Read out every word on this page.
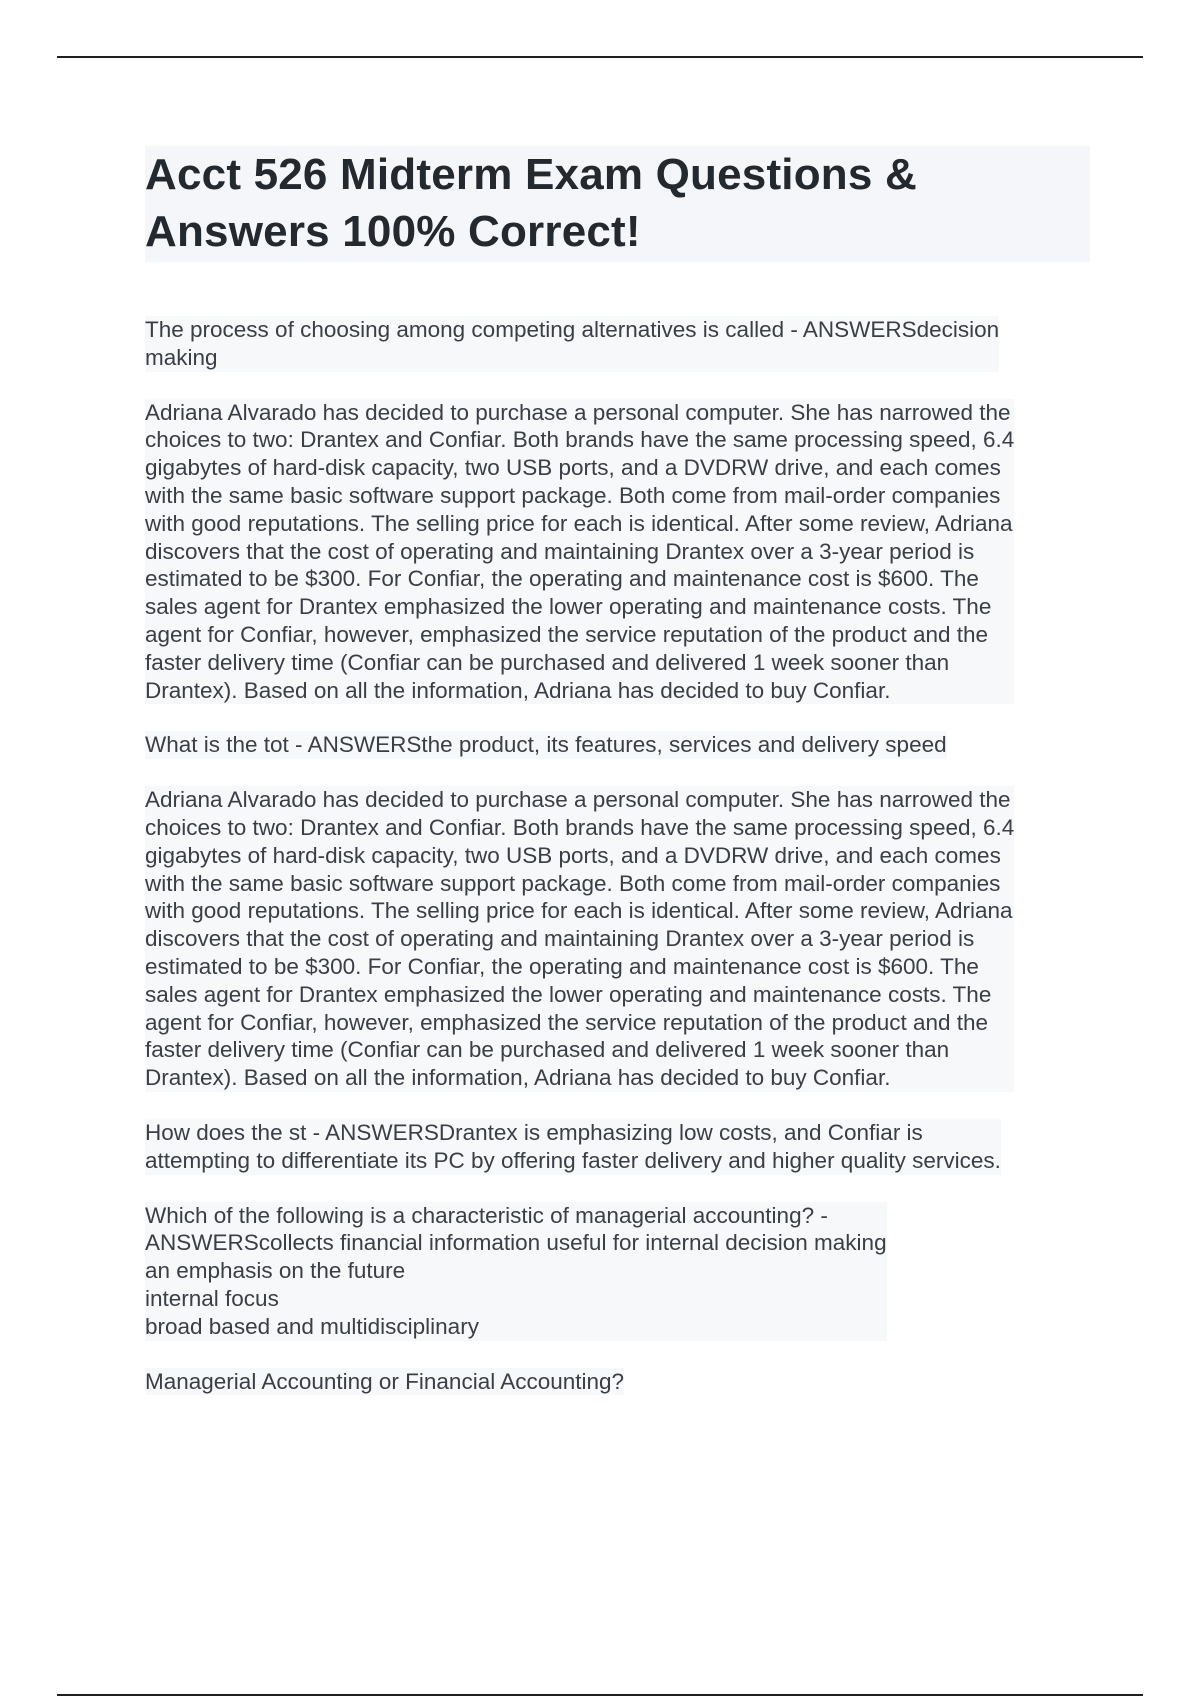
Acct 526 Midterm Exam Questions & Answers 100% Correct!
The process of choosing among competing alternatives is called - ANSWERSdecision
making
Adriana Alvarado has decided to purchase a personal computer. She has narrowed the
choices to two: Drantex and Confiar. Both brands have the same processing speed, 6.4
gigabytes of hard-disk capacity, two USB ports, and a DVDRW drive, and each comes
with the same basic software support package. Both come from mail-order companies
with good reputations. The selling price for each is identical. After some review, Adriana
discovers that the cost of operating and maintaining Drantex over a 3-year period is
estimated to be $300. For Confiar, the operating and maintenance cost is $600. The
sales agent for Drantex emphasized the lower operating and maintenance costs. The
agent for Confiar, however, emphasized the service reputation of the product and the
faster delivery time (Confiar can be purchased and delivered 1 week sooner than
Drantex). Based on all the information, Adriana has decided to buy Confiar.
What is the tot - ANSWERSthe product, its features, services and delivery speed
Adriana Alvarado has decided to purchase a personal computer. She has narrowed the
choices to two: Drantex and Confiar. Both brands have the same processing speed, 6.4
gigabytes of hard-disk capacity, two USB ports, and a DVDRW drive, and each comes
with the same basic software support package. Both come from mail-order companies
with good reputations. The selling price for each is identical. After some review, Adriana
discovers that the cost of operating and maintaining Drantex over a 3-year period is
estimated to be $300. For Confiar, the operating and maintenance cost is $600. The
sales agent for Drantex emphasized the lower operating and maintenance costs. The
agent for Confiar, however, emphasized the service reputation of the product and the
faster delivery time (Confiar can be purchased and delivered 1 week sooner than
Drantex). Based on all the information, Adriana has decided to buy Confiar.
How does the st - ANSWERSDrantex is emphasizing low costs, and Confiar is
attempting to differentiate its PC by offering faster delivery and higher quality services.
Which of the following is a characteristic of managerial accounting? -
ANSWERScollects financial information useful for internal decision making
an emphasis on the future
internal focus
broad based and multidisciplinary
Managerial Accounting or Financial Accounting?
